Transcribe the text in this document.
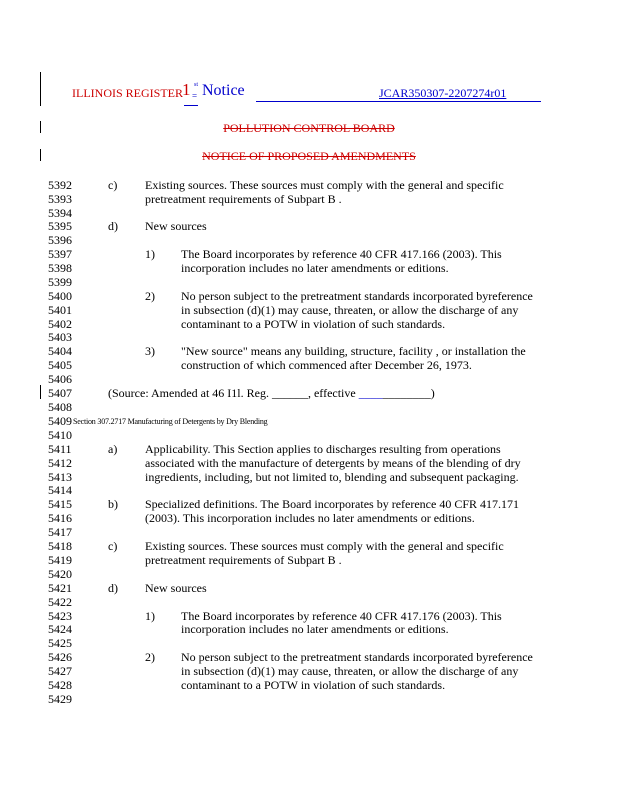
ILLINOIS REGISTER 1 st
= Notice	JCAR350307-2207274r01
POLLUTION CONTROL BOARD
NOTICE OF PROPOSED AMENDMENTS
5392
5393
5394
5395
5396
5397
5398
5399
5400
5401
5402
5403
5404
5405
5406
5407
5408
5409
5410
5411
5412
5413
5414
5415
5416
5417
5418
5419
5420
5421
5422
5423
5424
5425
5426
5427
5428
5429
c) Existing sources. These sources must comply with the general and specific
pretreatment requirements of Subpart B .
d) New sources
1) The Board incorporates by reference 40 CFR 417.166 (2003). This
incorporation includes no later amendments or editions.
2) No person subject to the pretreatment standards incorporated byreference
in subsection (d)(1) may cause, threaten, or allow the discharge of any
contaminant to a POTW in violation of such standards.
3) "New source" means any building, structure, facility , or installation the
construction of which commenced after December 26, 1973.
(Source: Amended at 46 I1l. Reg. ______, effective ____________)
Section 307.2717 Manufacturing of Detergents by Dry Blending
a) Applicability. This Section applies to discharges resulting from operations
associated with the manufacture of detergents by means of the blending of dry
ingredients, including, but not limited to, blending and subsequent packaging.
b) Specialized definitions. The Board incorporates by reference 40 CFR 417.171
(2003). This incorporation includes no later amendments or editions.
c) Existing sources. These sources must comply with the general and specific
pretreatment requirements of Subpart B .
d) New sources
1) The Board incorporates by reference 40 CFR 417.176 (2003). This
incorporation includes no later amendments or editions.
2) No person subject to the pretreatment standards incorporated byreference
in subsection (d)(1) may cause, threaten, or allow the discharge of any
contaminant to a POTW in violation of such standards.
